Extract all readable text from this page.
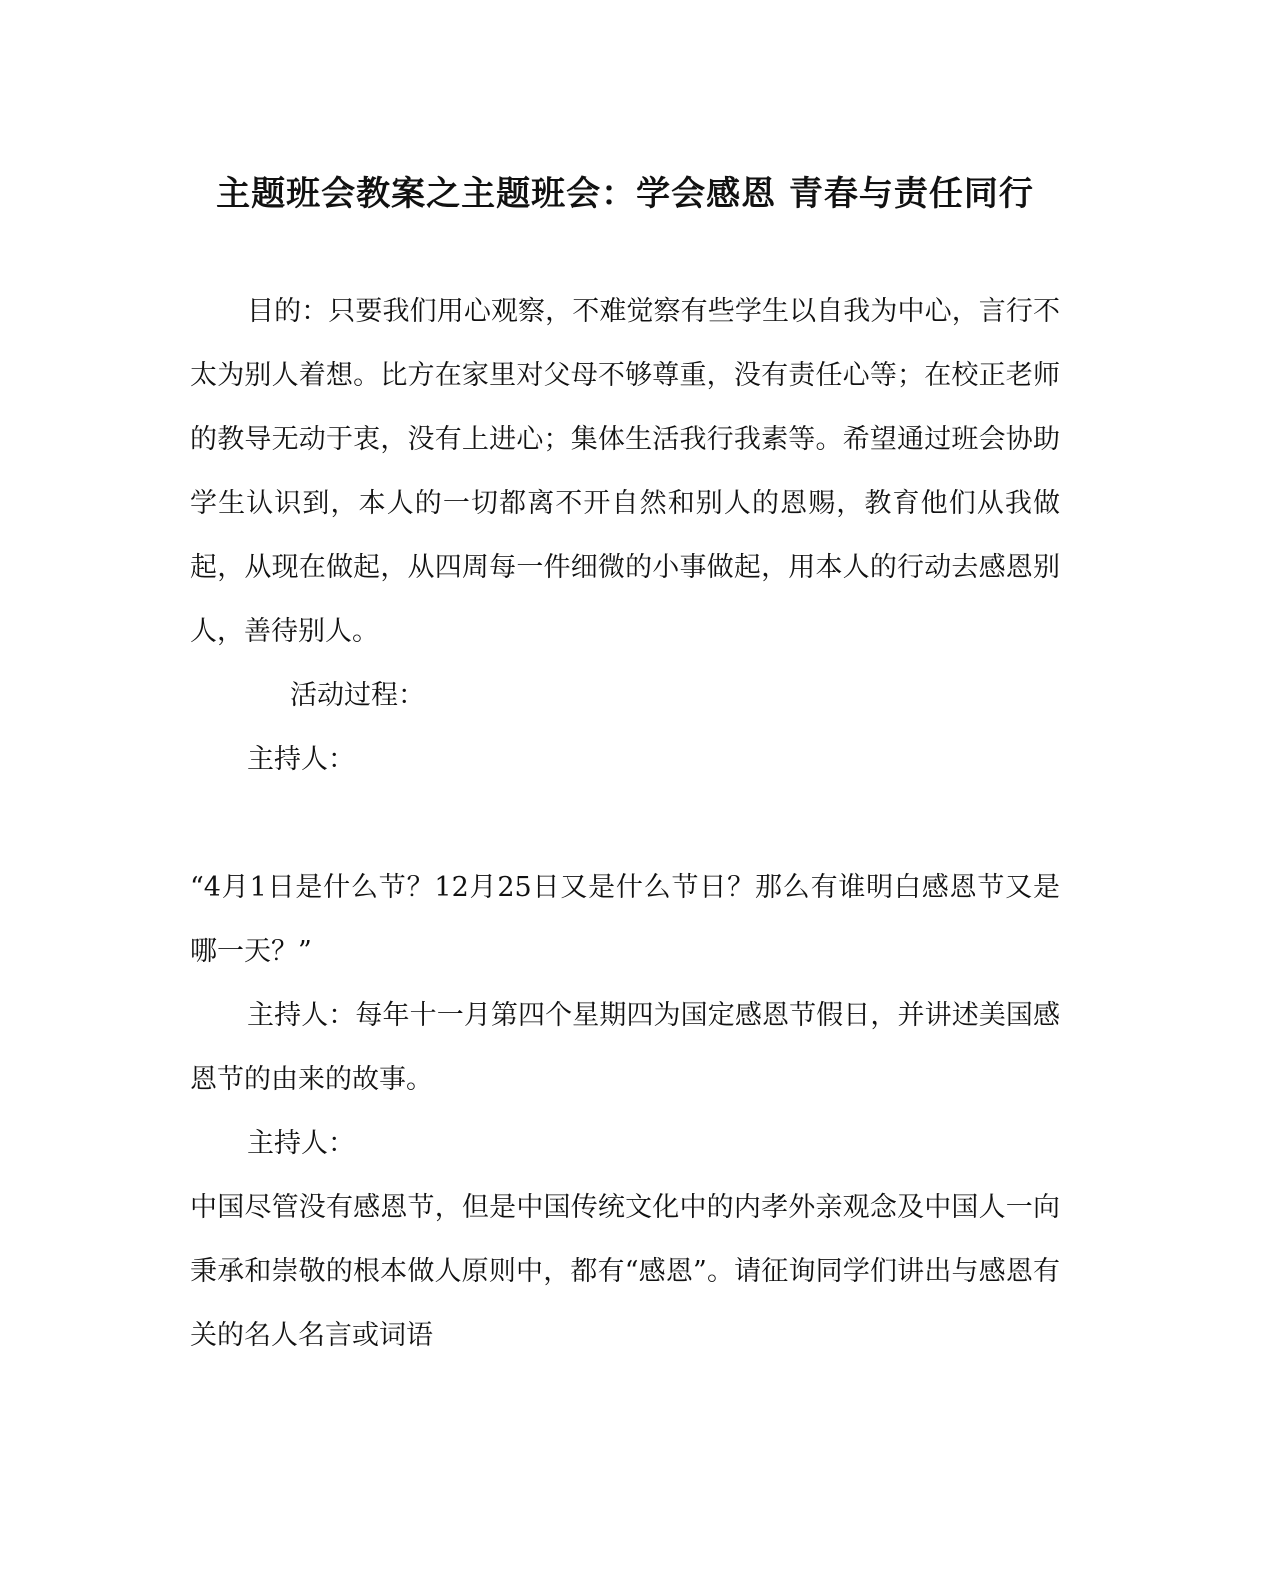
主题班会教案之主题班会：学会感恩 青春与责任同行

目的：只要我们用心观察，不难觉察有些学生以自我为中心，言行不太为别人着想。比方在家里对父母不够尊重，没有责任心等；在校正老师的教导无动于衷，没有上进心；集体生活我行我素等。希望通过班会协助学生认识到，本人的一切都离不开自然和别人的恩赐，教育他们从我做起，从现在做起，从四周每一件细微的小事做起，用本人的行动去感恩别人，善待别人。

活动过程：

主持人：

“4月1日是什么节？12月25日又是什么节日？那么有谁明白感恩节又是哪一天？”

主持人：每年十一月第四个星期四为国定感恩节假日，并讲述美国感恩节的由来的故事。

主持人：

中国尽管没有感恩节，但是中国传统文化中的内孝外亲观念及中国人一向秉承和崇敬的根本做人原则中，都有“感恩”。请征询同学们讲出与感恩有关的名人名言或词语
